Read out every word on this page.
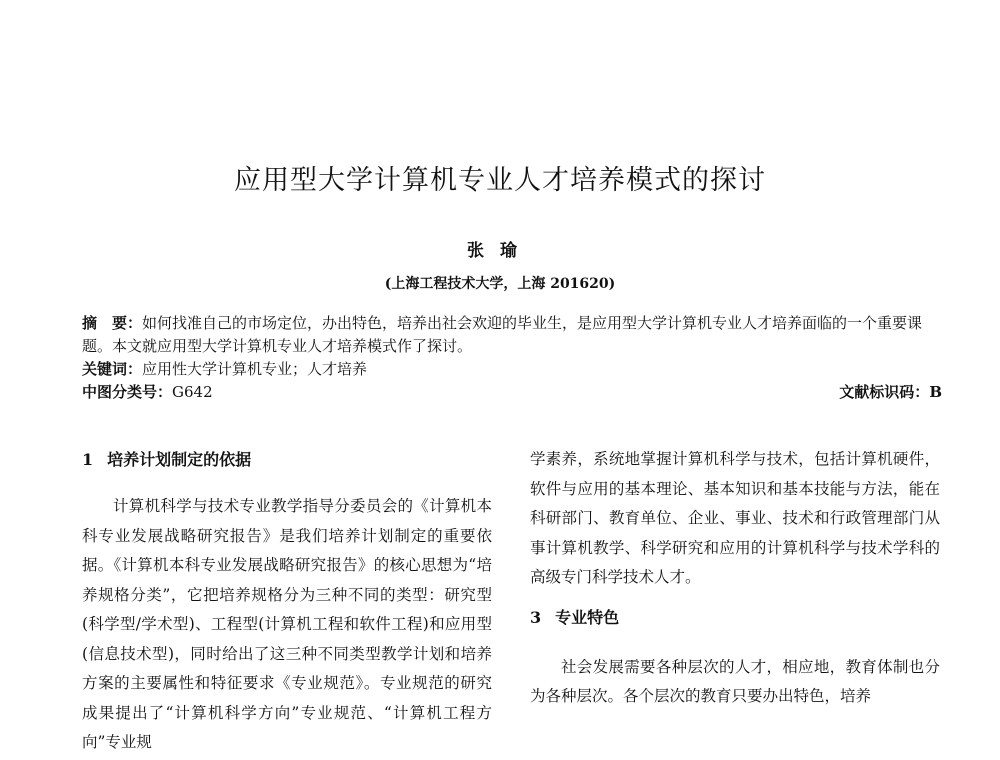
应用型大学计算机专业人才培养模式的探讨
张瑜
(上海工程技术大学，上海 201620)

摘　要：如何找准自己的市场定位，办出特色，培养出社会欢迎的毕业生，是应用型大学计算机专业人才培养面临的一个重要课题。本文就应用型大学计算机专业人才培养模式作了探讨。

关键词：应用性大学计算机专业；人才培养

中图分类号：G642	文献标识码：B

1 培养计划制定的依据

计算机科学与技术专业教学指导分委员会的《计算机本科专业发展战略研究报告》是我们培养计划制定的重要依据。《计算机本科专业发展战略研究报告》的核心思想为“培养规格分类”，它把培养规格分为三种不同的类型：研究型(科学型/学术型)、工程型(计算机工程和软件工程)和应用型(信息技术型)，同时给出了这三种不同类型教学计划和培养方案的主要属性和特征要求《专业规范》。专业规范的研究成果提出了“计算机科学方向”专业规范、“计算机工程方向”专业规

学素养，系统地掌握计算机科学与技术，包括计算机硬件，软件与应用的基本理论、基本知识和基本技能与方法，能在科研部门、教育单位、企业、事业、技术和行政管理部门从事计算机教学、科学研究和应用的计算机科学与技术学科的高级专门科学技术人才。

3 专业特色

社会发展需要各种层次的人才，相应地，教育体制也分为各种层次。各个层次的教育只要办出特色，培养
